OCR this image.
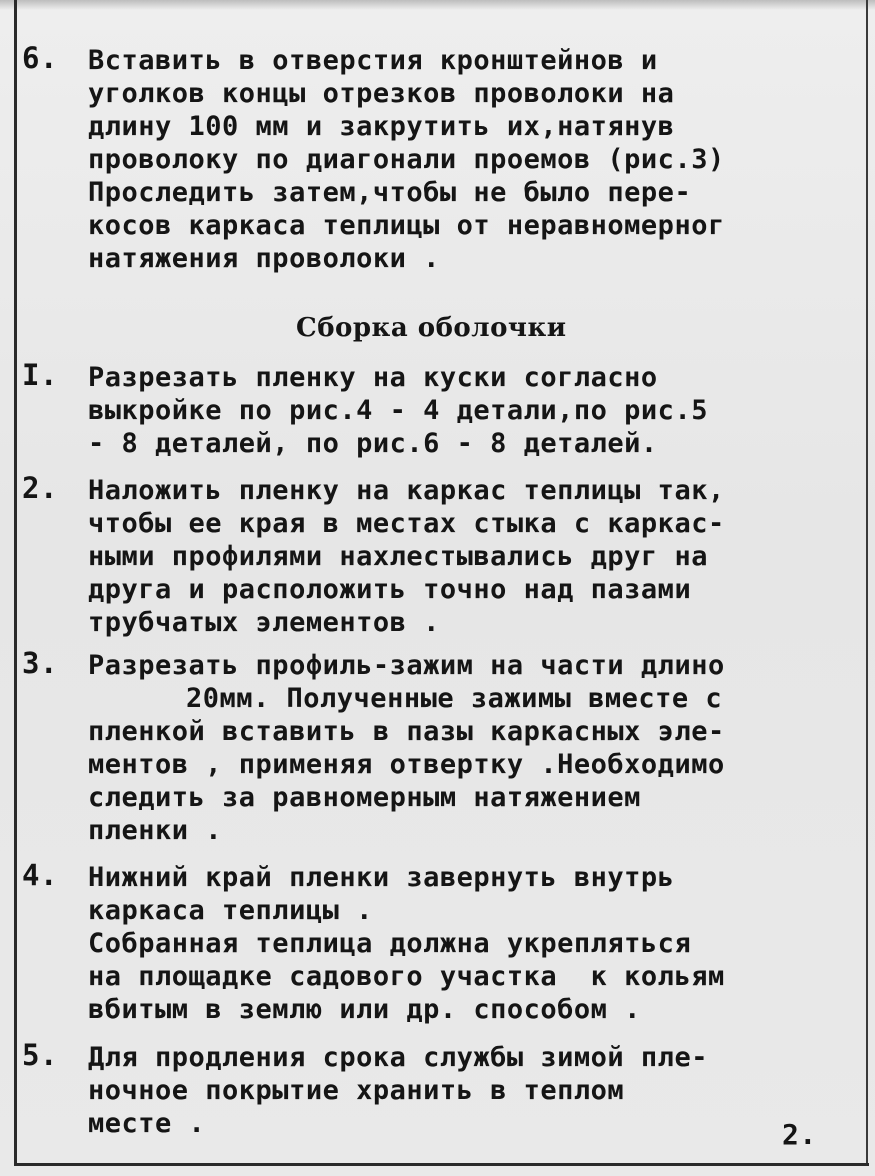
6. Вставить в отверстия кронштейнов и
уголков концы отрезков проволоки на
длину 100 мм и закрутить их,натянув
проволоку по диагонали проемов (рис.3)
Проследить затем,чтобы не было пере-
косов каркаса теплицы от неравномерног
натяжения проволоки .
Сборка оболочки
I. Разрезать пленку на куски согласно
выкройке по рис.4 - 4 детали,по рис.5
- 8 деталей, по рис.6 - 8 деталей.
2. Наложить пленку на каркас теплицы так,
чтобы ее края в местах стыка с каркас-
ными профилями нахлестывались друг на
друга и расположить точно над пазами
трубчатых элементов .
3. Разрезать профиль-зажим на части длино
20мм. Полученные зажимы вместе с
пленкой вставить в пазы каркасных эле-
ментов , применяя отвертку .Необходимо
следить за равномерным натяжением
пленки .
4. Нижний край пленки завернуть внутрь
каркаса теплицы .
Собранная теплица должна укрепляться
на площадке садового участка  к кольям
вбитым в землю или др. способом .
5. Для продления срока службы зимой пле-
ночное покрытие хранить в теплом
месте .	2.
